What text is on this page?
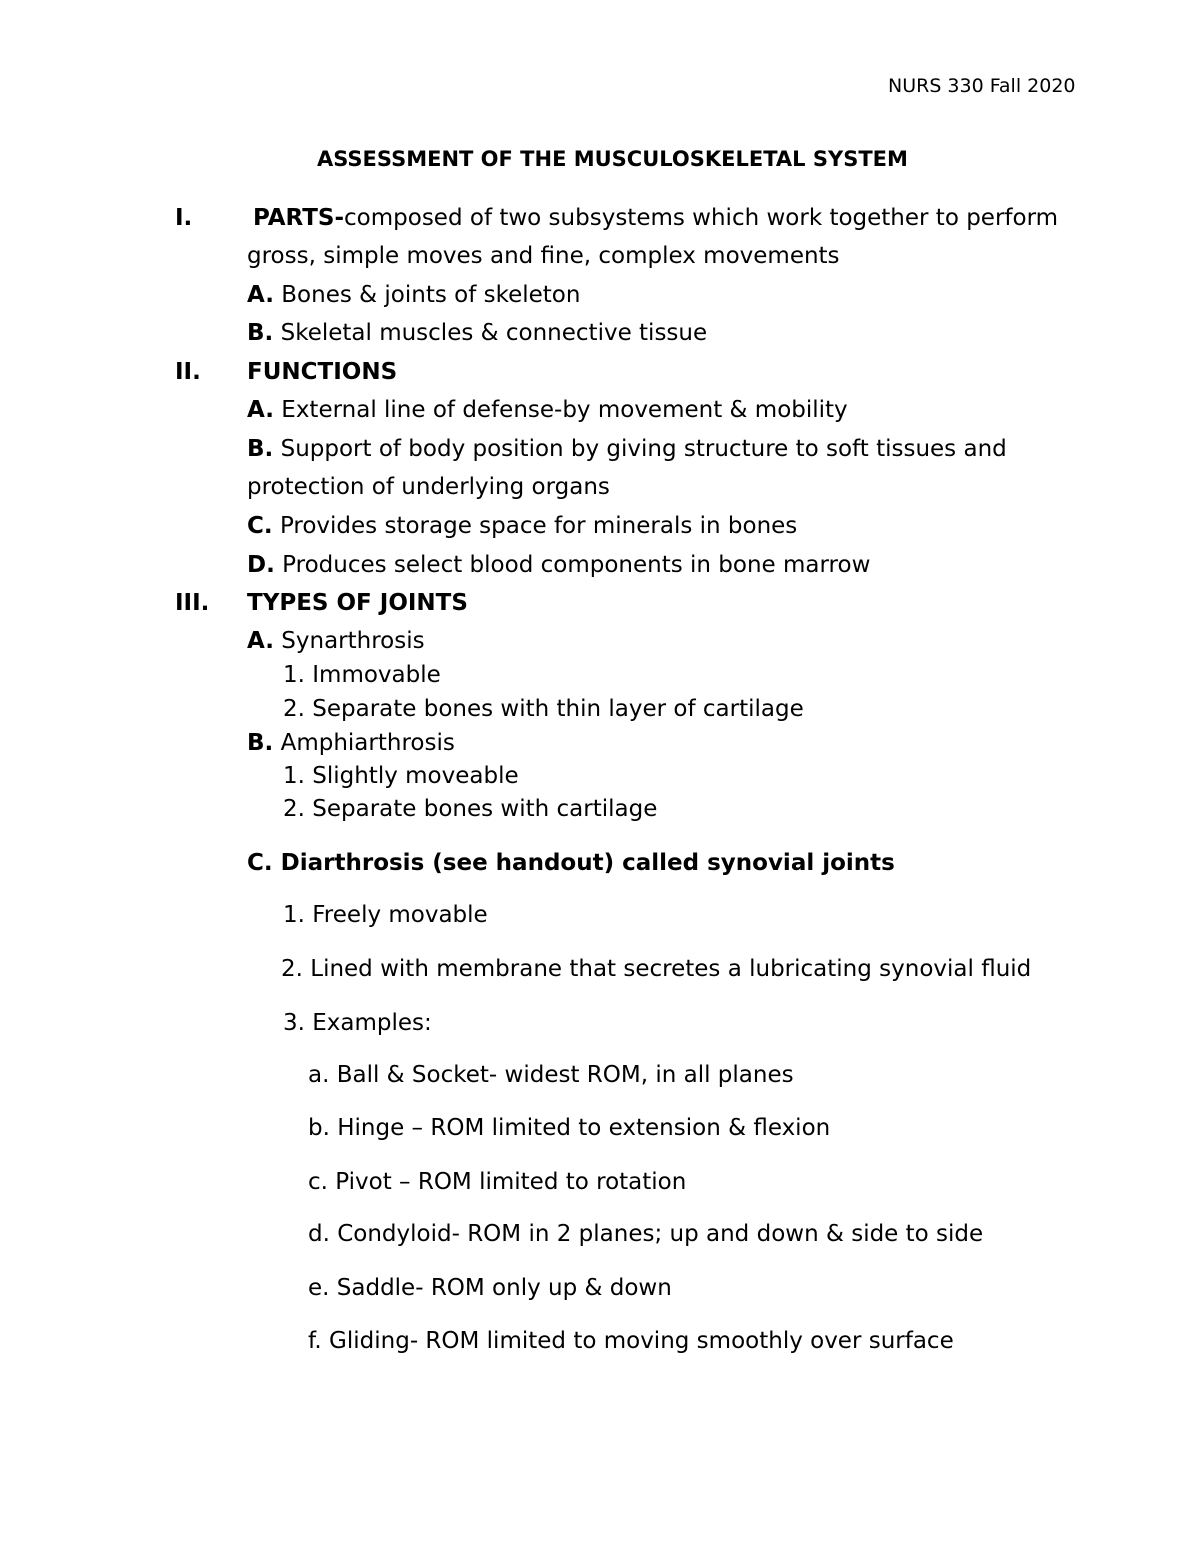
NURS 330 Fall 2020
ASSESSMENT OF THE MUSCULOSKELETAL SYSTEM
I.	PARTS-composed of two subsystems which work together to perform
gross, simple moves and fine, complex movements
A. Bones & joints of skeleton
B. Skeletal muscles & connective tissue
II. FUNCTIONS
A. External line of defense-by movement & mobility
B. Support of body position by giving structure to soft tissues and
protection of underlying organs
C. Provides storage space for minerals in bones
D. Produces select blood components in bone marrow
III. TYPES OF JOINTS
A. Synarthrosis
1. Immovable
2. Separate bones with thin layer of cartilage
B. Amphiarthrosis
1. Slightly moveable
2. Separate bones with cartilage
C. Diarthrosis (see handout) called synovial joints
1. Freely movable
2. Lined with membrane that secretes a lubricating synovial fluid
3. Examples:
a. Ball & Socket- widest ROM, in all planes
b. Hinge – ROM limited to extension & flexion
c. Pivot – ROM limited to rotation
d. Condyloid- ROM in 2 planes; up and down & side to side
e. Saddle- ROM only up & down
f. Gliding- ROM limited to moving smoothly over surface
